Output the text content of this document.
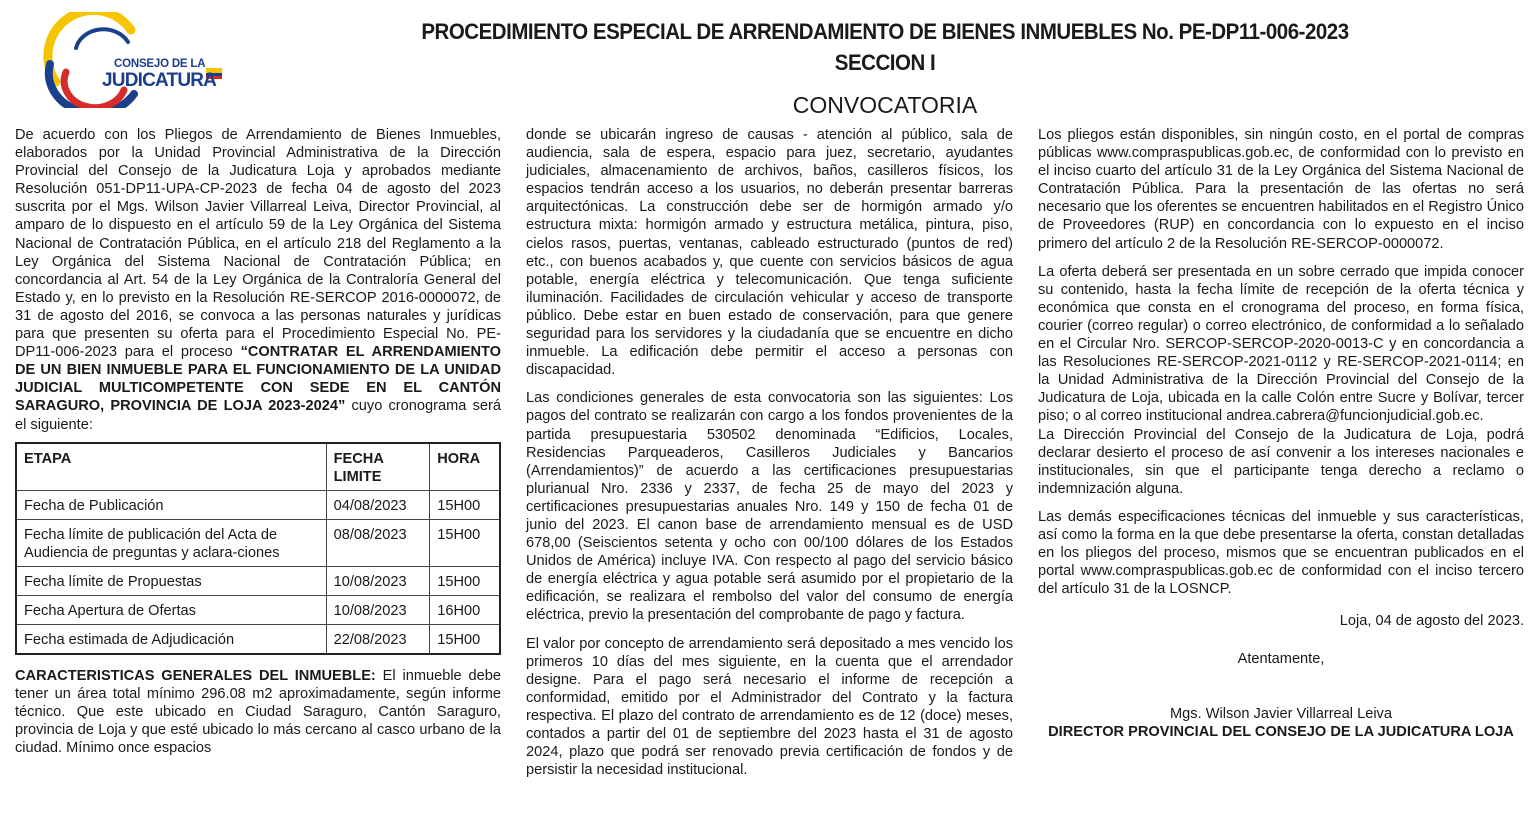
CONSEJO DE LA
JUDICATURA
PROCEDIMIENTO ESPECIAL DE ARRENDAMIENTO DE BIENES INMUEBLES No. PE-DP11-006-2023
SECCION I
CONVOCATORIA

De acuerdo con los Pliegos de Arrendamiento de Bienes Inmuebles, elaborados por la Unidad Provincial Administrativa de la Dirección Provincial del Consejo de la Judicatura Loja y aprobados mediante Resolución 051-DP11-UPA-CP-2023 de fecha 04 de agosto del 2023 suscrita por el Mgs. Wilson Javier Villarreal Leiva, Director Provincial, al amparo de lo dispuesto en el artículo 59 de la Ley Orgánica del Sistema Nacional de Contratación Pública, en el artículo 218 del Reglamento a la Ley Orgánica del Sistema Nacional de Contratación Pública; en concordancia al Art. 54 de la Ley Orgánica de la Contraloría General del Estado y, en lo previsto en la Resolución RE-SERCOP 2016-0000072, de 31 de agosto del 2016, se convoca a las personas naturales y jurídicas para que presenten su oferta para el Procedimiento Especial No. PE-DP11-006-2023 para el proceso “CONTRATAR EL ARRENDAMIENTO DE UN BIEN INMUEBLE PARA EL FUNCIONAMIENTO DE LA UNIDAD JUDICIAL MULTICOMPETENTE CON SEDE EN EL CANTÓN SARAGURO, PROVINCIA DE LOJA 2023-2024” cuyo cronograma será el siguiente:

ETAPA	FECHA LIMITE	HORA
Fecha de Publicación	04/08/2023	15H00
Fecha límite de publicación del Acta de Audiencia de preguntas y aclara-ciones	08/08/2023	15H00
Fecha límite de Propuestas	10/08/2023	15H00
Fecha Apertura de Ofertas	10/08/2023	16H00
Fecha estimada de Adjudicación	22/08/2023	15H00

CARACTERISTICAS GENERALES DEL INMUEBLE: El inmueble debe tener un área total mínimo 296.08 m2 aproximadamente, según informe técnico. Que este ubicado en Ciudad Saraguro, Cantón Saraguro, provincia de Loja y que esté ubicado lo más cercano al casco urbano de la ciudad. Mínimo once espacios

donde se ubicarán ingreso de causas - atención al público, sala de audiencia, sala de espera, espacio para juez, secretario, ayudantes judiciales, almacenamiento de archivos, baños, casilleros físicos, los espacios tendrán acceso a los usuarios, no deberán presentar barreras arquitectónicas. La construcción debe ser de hormigón armado y/o estructura mixta: hormigón armado y estructura metálica, pintura, piso, cielos rasos, puertas, ventanas, cableado estructurado (puntos de red) etc., con buenos acabados y, que cuente con servicios básicos de agua potable, energía eléctrica y telecomunicación. Que tenga suficiente iluminación. Facilidades de circulación vehicular y acceso de transporte público. Debe estar en buen estado de conservación, para que genere seguridad para los servidores y la ciudadanía que se encuentre en dicho inmueble. La edificación debe permitir el acceso a personas con discapacidad.

Las condiciones generales de esta convocatoria son las siguientes: Los pagos del contrato se realizarán con cargo a los fondos provenientes de la partida presupuestaria 530502 denominada “Edificios, Locales, Residencias Parqueaderos, Casilleros Judiciales y Bancarios (Arrendamientos)” de acuerdo a las certificaciones presupuestarias plurianual Nro. 2336 y 2337, de fecha 25 de mayo del 2023 y certificaciones presupuestarias anuales Nro. 149 y 150 de fecha 01 de junio del 2023. El canon base de arrendamiento mensual es de USD 678,00 (Seiscientos setenta y ocho con 00/100 dólares de los Estados Unidos de América) incluye IVA. Con respecto al pago del servicio básico de energía eléctrica y agua potable será asumido por el propietario de la edificación, se realizara el rembolso del valor del consumo de energía eléctrica, previo la presentación del comprobante de pago y factura.

El valor por concepto de arrendamiento será depositado a mes vencido los primeros 10 días del mes siguiente, en la cuenta que el arrendador designe. Para el pago será necesario el informe de recepción a conformidad, emitido por el Administrador del Contrato y la factura respectiva. El plazo del contrato de arrendamiento es de 12 (doce) meses, contados a partir del 01 de septiembre del 2023 hasta el 31 de agosto 2024, plazo que podrá ser renovado previa certificación de fondos y de persistir la necesidad institucional.

Los pliegos están disponibles, sin ningún costo, en el portal de compras públicas www.compraspublicas.gob.ec, de conformidad con lo previsto en el inciso cuarto del artículo 31 de la Ley Orgánica del Sistema Nacional de Contratación Pública. Para la presentación de las ofertas no será necesario que los oferentes se encuentren habilitados en el Registro Único de Proveedores (RUP) en concordancia con lo expuesto en el inciso primero del artículo 2 de la Resolución RE-SERCOP-0000072.

La oferta deberá ser presentada en un sobre cerrado que impida conocer su contenido, hasta la fecha límite de recepción de la oferta técnica y económica que consta en el cronograma del proceso, en forma física, courier (correo regular) o correo electrónico, de conformidad a lo señalado en el Circular Nro. SERCOP-SERCOP-2020-0013-C y en concordancia a las Resoluciones RE-SERCOP-2021-0112 y RE-SERCOP-2021-0114; en la Unidad Administrativa de la Dirección Provincial del Consejo de la Judicatura de Loja, ubicada en la calle Colón entre Sucre y Bolívar, tercer piso; o al correo institucional andrea.cabrera@funcionjudicial.gob.ec.

La Dirección Provincial del Consejo de la Judicatura de Loja, podrá declarar desierto el proceso de así convenir a los intereses nacionales e institucionales, sin que el participante tenga derecho a reclamo o indemnización alguna.

Las demás especificaciones técnicas del inmueble y sus características, así como la forma en la que debe presentarse la oferta, constan detalladas en los pliegos del proceso, mismos que se encuentran publicados en el portal www.compraspublicas.gob.ec de conformidad con el inciso tercero del artículo 31 de la LOSNCP.

Loja, 04 de agosto del 2023.

Atentamente,

Mgs. Wilson Javier Villarreal Leiva

DIRECTOR PROVINCIAL DEL CONSEJO DE LA JUDICATURA LOJA
